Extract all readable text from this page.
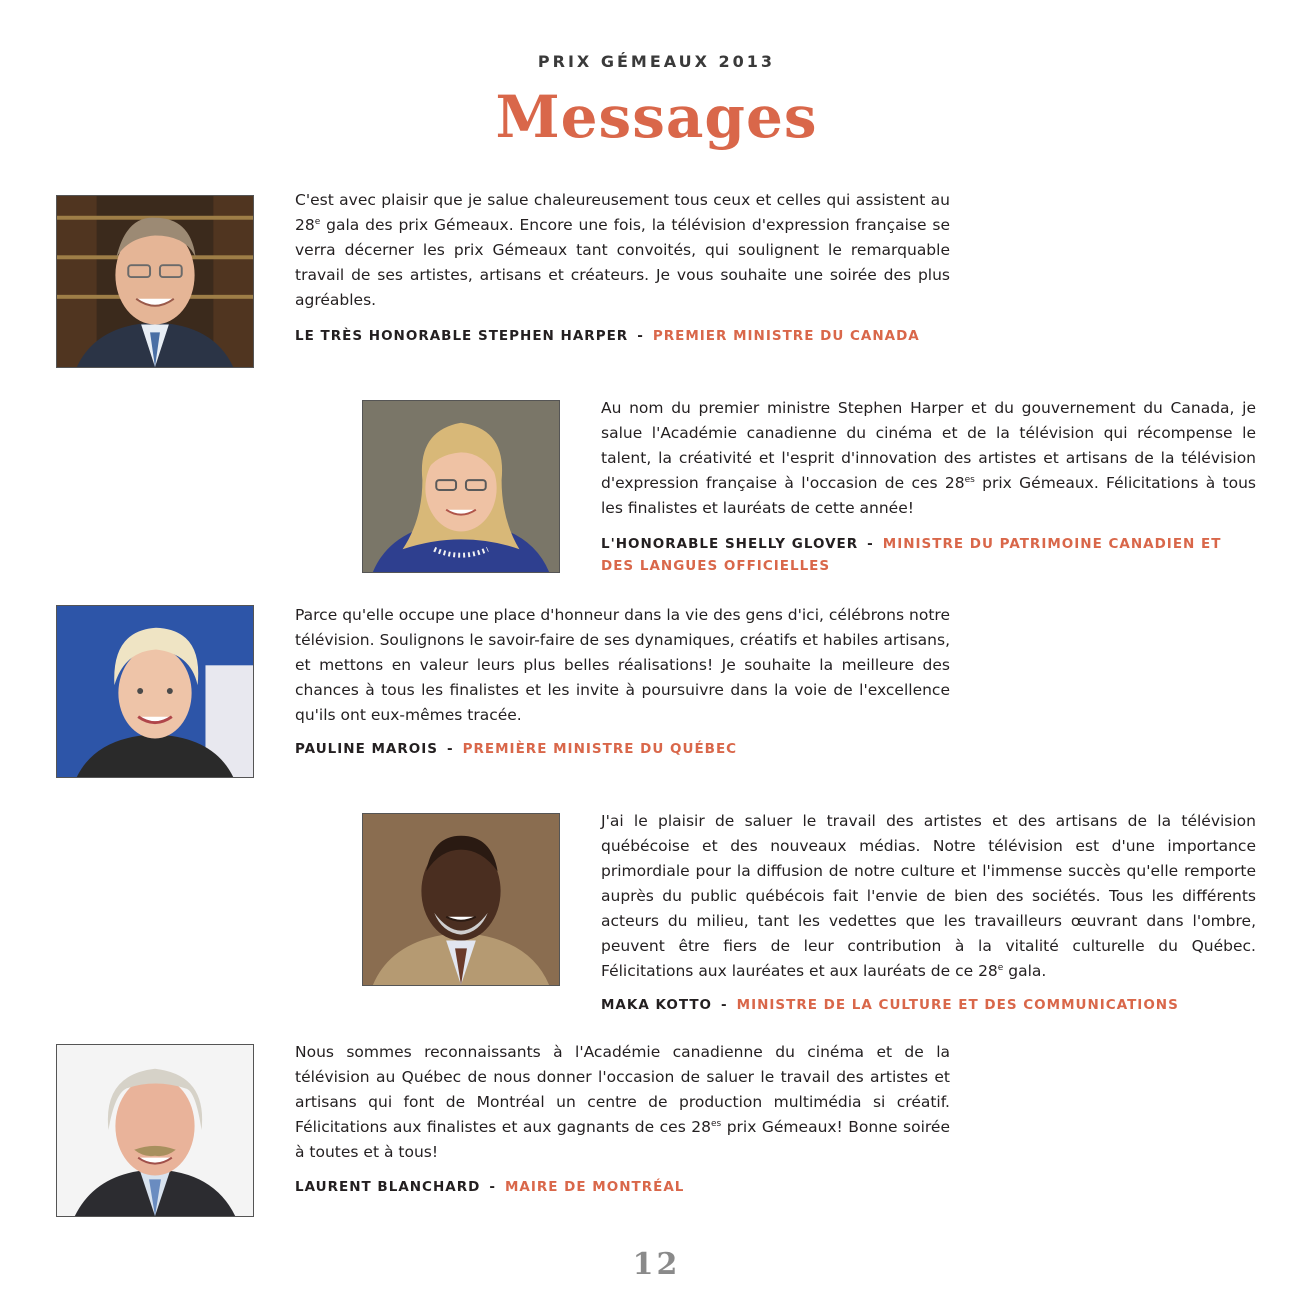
PRIX GÉMEAUX 2013
Messages

C'est avec plaisir que je salue chaleureusement tous ceux et celles qui assistent au 28e gala des prix Gémeaux. Encore une fois, la télévision d'expression française se verra décerner les prix Gémeaux tant convoités, qui soulignent le remarquable travail de ses artistes, artisans et créateurs. Je vous souhaite une soirée des plus agréables.

LE TRÈS HONORABLE STEPHEN HARPER - PREMIER MINISTRE DU CANADA

Au nom du premier ministre Stephen Harper et du gouvernement du Canada, je salue l'Académie canadienne du cinéma et de la télévision qui récompense le talent, la créativité et l'esprit d'innovation des artistes et artisans de la télévision d'expression française à l'occasion de ces $28^{es}$ prix Gémeaux. Félicitations à tous les finalistes et lauréats de cette année!

L'HONORABLE SHELLY GLOVER - MINISTRE DU PATRIMOINE CANADIEN ET DES LANGUES OFFICIELLES

Parce qu'elle occupe une place d'honneur dans la vie des gens d'ici, célébrons notre télévision. Soulignons le savoir-faire de ses dynamiques, créatifs et habiles artisans, et mettons en valeur leurs plus belles réalisations! Je souhaite la meilleure des chances à tous les finalistes et les invite à poursuivre dans la voie de l'excellence qu'ils ont eux-mêmes tracée.

PAULINE MAROIS - PREMIÈRE MINISTRE DU QUÉBEC

J'ai le plaisir de saluer le travail des artistes et des artisans de la télévision québécoise et des nouveaux médias. Notre télévision est d'une importance primordiale pour la diffusion de notre culture et l'immense succès qu'elle remporte auprès du public québécois fait l'envie de bien des sociétés. Tous les différents acteurs du milieu, tant les vedettes que les travailleurs œuvrant dans l'ombre, peuvent être fiers de leur contribution à la vitalité culturelle du Québec. Félicitations aux lauréates et aux lauréats de ce 28e gala.

MAKA KOTTO - MINISTRE DE LA CULTURE ET DES COMMUNICATIONS

Nous sommes reconnaissants à l'Académie canadienne du cinéma et de la télévision au Québec de nous donner l'occasion de saluer le travail des artistes et artisans qui font de Montréal un centre de production multimédia si créatif. Félicitations aux finalistes et aux gagnants de ces $28^{es}$ prix Gémeaux! Bonne soirée à toutes et à tous!

LAURENT BLANCHARD - MAIRE DE MONTRÉAL

12
